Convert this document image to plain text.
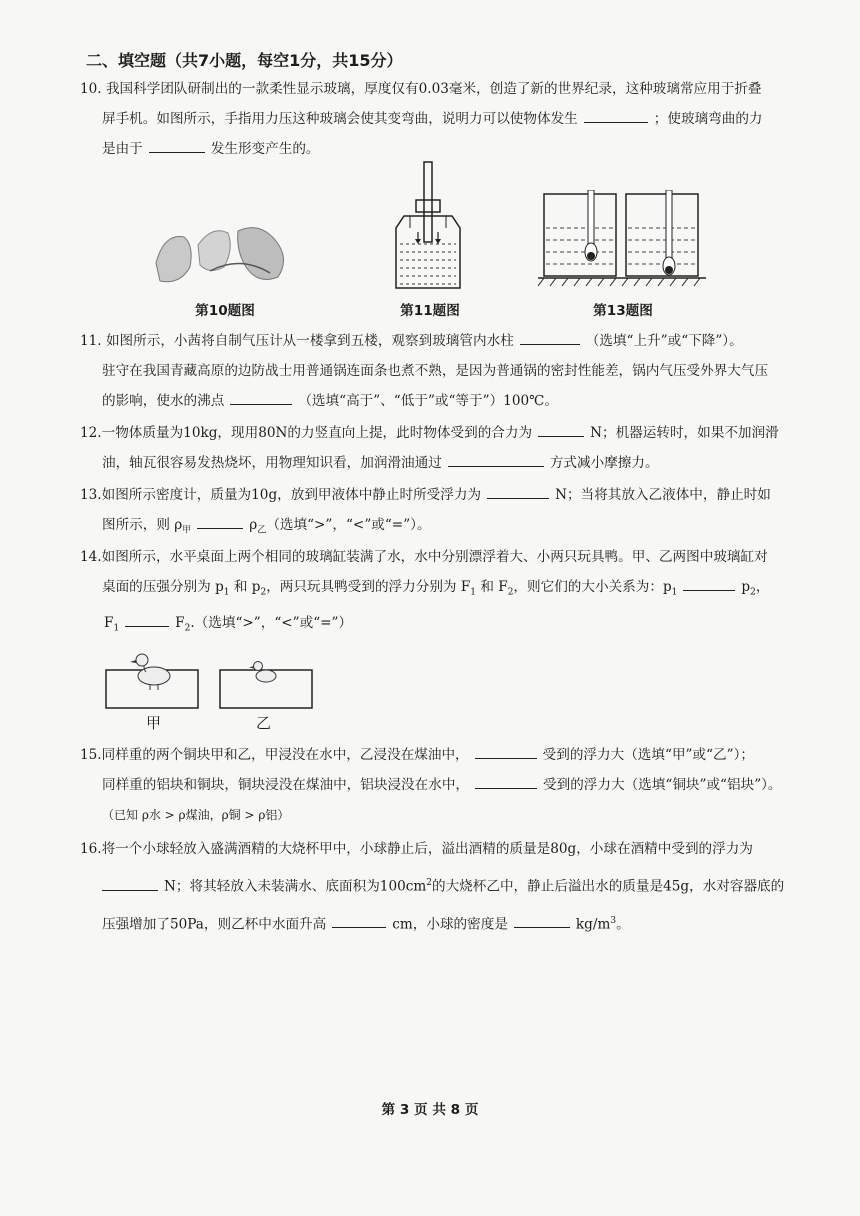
二、填空题（共7小题，每空1分，共15分）
10. 我国科学团队研制出的一款柔性显示玻璃，厚度仅有0.03毫米，创造了新的世界纪录，这种玻璃常应用于折叠
屏手机。如图所示，手指用力压这种玻璃会使其变弯曲，说明力可以使物体发生	；使玻璃弯曲的力
是由于	发生形变产生的。
第10题图	第11题图	第13题图
11. 如图所示，小茜将自制气压计从一楼拿到五楼，观察到玻璃管内水柱	（选填“上升”或“下降”）。
驻守在我国青藏高原的边防战士用普通锅连面条也煮不熟，是因为普通锅的密封性能差，锅内气压受外界大气压
的影响，使水的沸点	（选填“高于”、“低于”或“等于”）100℃。
12.一物体质量为10kg，现用80N的力竖直向上提，此时物体受到的合力为	N；机器运转时，如果不加润滑
油，轴瓦很容易发热烧坏，用物理知识看，加润滑油通过	方式减小摩擦力。
13.如图所示密度计，质量为10g，放到甲液体中静止时所受浮力为	N；当将其放入乙液体中，静止时如
图所示，则 $\rho_甲$	$\rho_乙$（选填“>”，“<”或“=”）。
14.如图所示，水平桌面上两个相同的玻璃缸装满了水，水中分别漂浮着大、小两只玩具鸭。甲、乙两图中玻璃缸对
桌面的压强分别为 $p_1$ 和 $p_2$，两只玩具鸭受到的浮力分别为 $F_1$ 和 $F_2$，则它们的大小关系为：$p_1$	$p_2$，
$F_1$	$F_2$.（选填“>”，“<”或“=”）
甲	乙
15.同样重的两个铜块甲和乙，甲浸没在水中，乙浸没在煤油中，	受到的浮力大（选填“甲”或“乙”）；
同样重的铝块和铜块，铜块浸没在煤油中，铝块浸没在水中，	受到的浮力大（选填“铜块”或“铝块”）。
（已知 ρ水 > ρ煤油，ρ铜 > ρ铝）
16.将一个小球轻放入盛满酒精的大烧杯甲中，小球静止后，溢出酒精的质量是80g，小球在酒精中受到的浮力为
N；将其轻放入未装满水、底面积为$100cm^2$的大烧杯乙中，静止后溢出水的质量是45g，水对容器底的
压强增加了50Pa，则乙杯中水面升高	cm，小球的密度是	$kg/m^3$。
第 3 页 共 8 页
